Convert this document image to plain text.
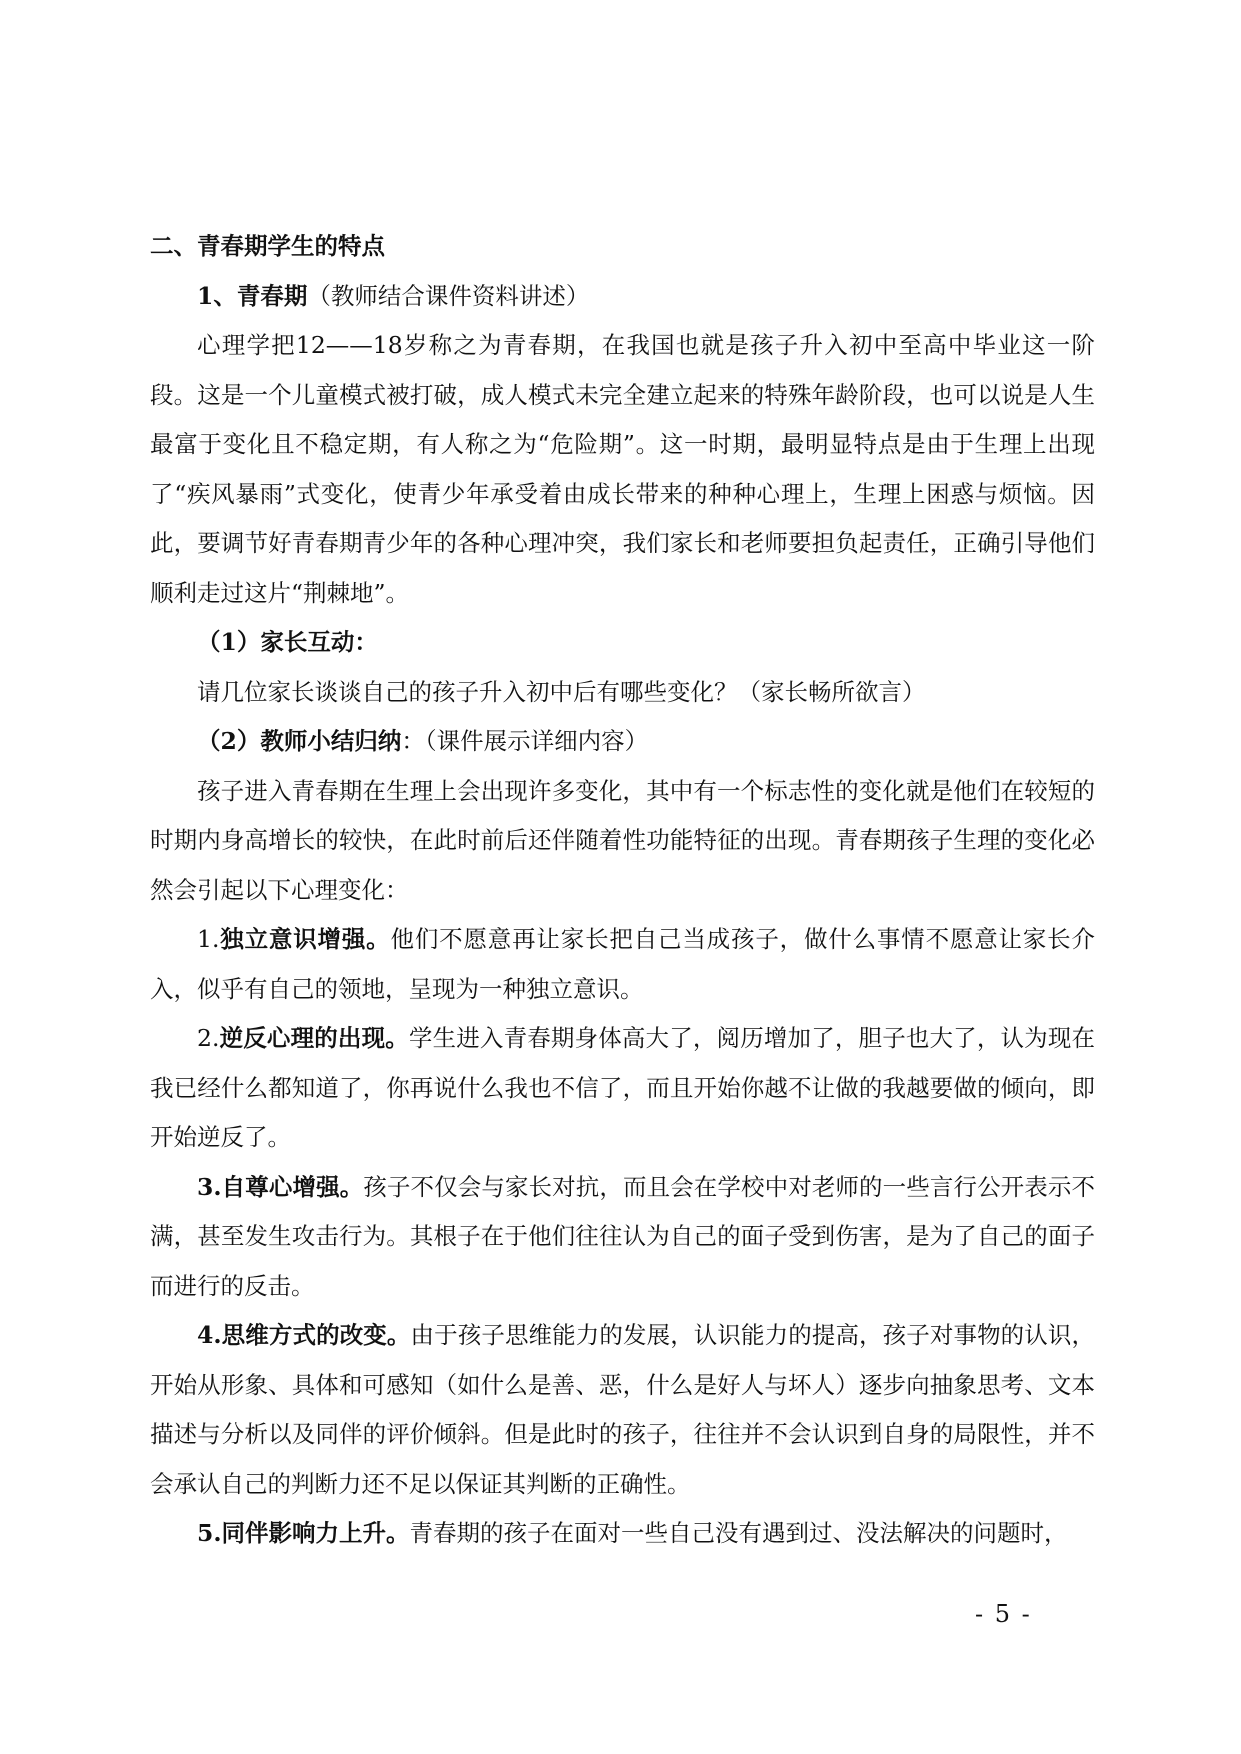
二、青春期学生的特点

1、青春期（教师结合课件资料讲述）

心理学把12——18岁称之为青春期，在我国也就是孩子升入初中至高中毕业这一阶段。这是一个儿童模式被打破，成人模式未完全建立起来的特殊年龄阶段，也可以说是人生最富于变化且不稳定期，有人称之为“危险期”。这一时期，最明显特点是由于生理上出现了“疾风暴雨”式变化，使青少年承受着由成长带来的种种心理上，生理上困惑与烦恼。因此，要调节好青春期青少年的各种心理冲突，我们家长和老师要担负起责任，正确引导他们顺利走过这片“荆棘地”。

（1）家长互动：

请几位家长谈谈自己的孩子升入初中后有哪些变化？（家长畅所欲言）

（2）教师小结归纳：（课件展示详细内容）

孩子进入青春期在生理上会出现许多变化，其中有一个标志性的变化就是他们在较短的时期内身高增长的较快，在此时前后还伴随着性功能特征的出现。青春期孩子生理的变化必然会引起以下心理变化：

1.独立意识增强。他们不愿意再让家长把自己当成孩子，做什么事情不愿意让家长介入，似乎有自己的领地，呈现为一种独立意识。

2.逆反心理的出现。学生进入青春期身体高大了，阅历增加了，胆子也大了，认为现在我已经什么都知道了，你再说什么我也不信了，而且开始你越不让做的我越要做的倾向，即开始逆反了。

3.自尊心增强。孩子不仅会与家长对抗，而且会在学校中对老师的一些言行公开表示不满，甚至发生攻击行为。其根子在于他们往往认为自己的面子受到伤害，是为了自己的面子而进行的反击。

4.思维方式的改变。由于孩子思维能力的发展，认识能力的提高，孩子对事物的认识，开始从形象、具体和可感知（如什么是善、恶，什么是好人与坏人）逐步向抽象思考、文本描述与分析以及同伴的评价倾斜。但是此时的孩子，往往并不会认识到自身的局限性，并不会承认自己的判断力还不足以保证其判断的正确性。

5.同伴影响力上升。青春期的孩子在面对一些自己没有遇到过、没法解决的问题时，

- 5 -
